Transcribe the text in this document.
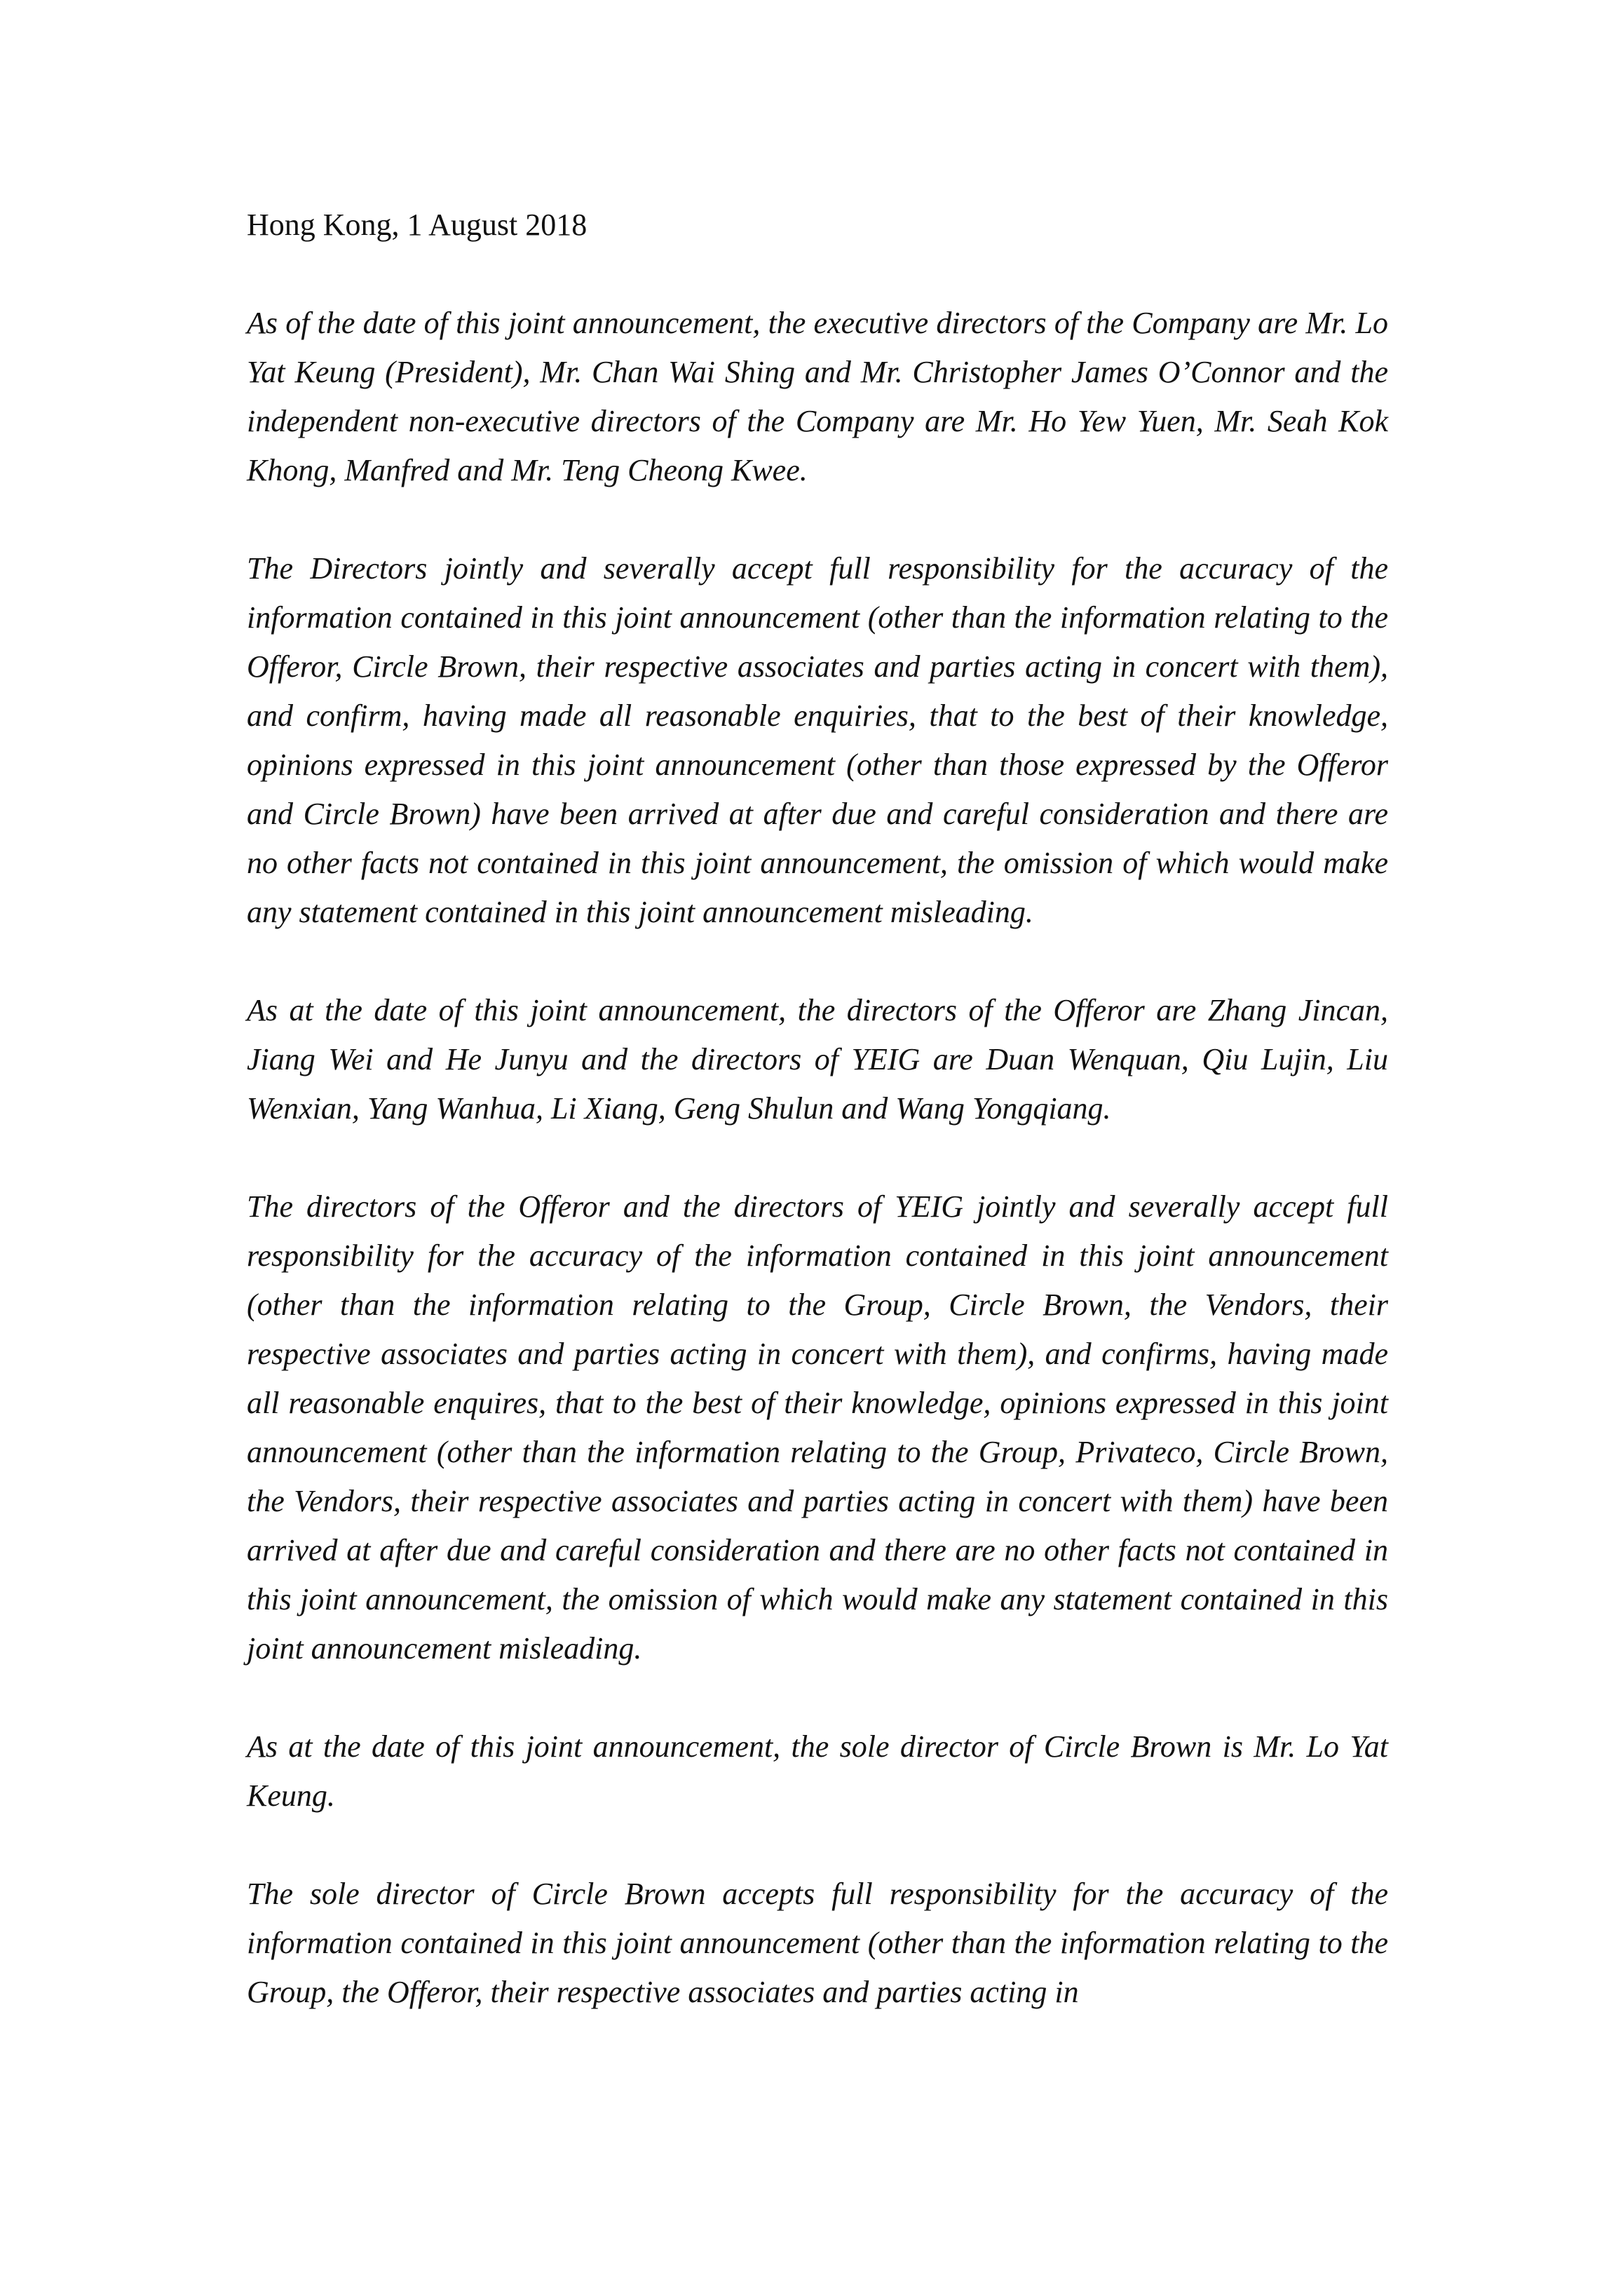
Hong Kong, 1 August 2018

As of the date of this joint announcement, the executive directors of the Company are Mr. Lo Yat Keung (President), Mr. Chan Wai Shing and Mr. Christopher James O’Connor and the independent non-executive directors of the Company are Mr. Ho Yew Yuen, Mr. Seah Kok Khong, Manfred and Mr. Teng Cheong Kwee.

The Directors jointly and severally accept full responsibility for the accuracy of the information contained in this joint announcement (other than the information relating to the Offeror, Circle Brown, their respective associates and parties acting in concert with them), and confirm, having made all reasonable enquiries, that to the best of their knowledge, opinions expressed in this joint announcement (other than those expressed by the Offeror and Circle Brown) have been arrived at after due and careful consideration and there are no other facts not contained in this joint announcement, the omission of which would make any statement contained in this joint announcement misleading.

As at the date of this joint announcement, the directors of the Offeror are Zhang Jincan, Jiang Wei and He Junyu and the directors of YEIG are Duan Wenquan, Qiu Lujin, Liu Wenxian, Yang Wanhua, Li Xiang, Geng Shulun and Wang Yongqiang.

The directors of the Offeror and the directors of YEIG jointly and severally accept full responsibility for the accuracy of the information contained in this joint announcement (other than the information relating to the Group, Circle Brown, the Vendors, their respective associates and parties acting in concert with them), and confirms, having made all reasonable enquires, that to the best of their knowledge, opinions expressed in this joint announcement (other than the information relating to the Group, Privateco, Circle Brown, the Vendors, their respective associates and parties acting in concert with them) have been arrived at after due and careful consideration and there are no other facts not contained in this joint announcement, the omission of which would make any statement contained in this joint announcement misleading.

As at the date of this joint announcement, the sole director of Circle Brown is Mr. Lo Yat Keung.

The sole director of Circle Brown accepts full responsibility for the accuracy of the information contained in this joint announcement (other than the information relating to the Group, the Offeror, their respective associates and parties acting in
